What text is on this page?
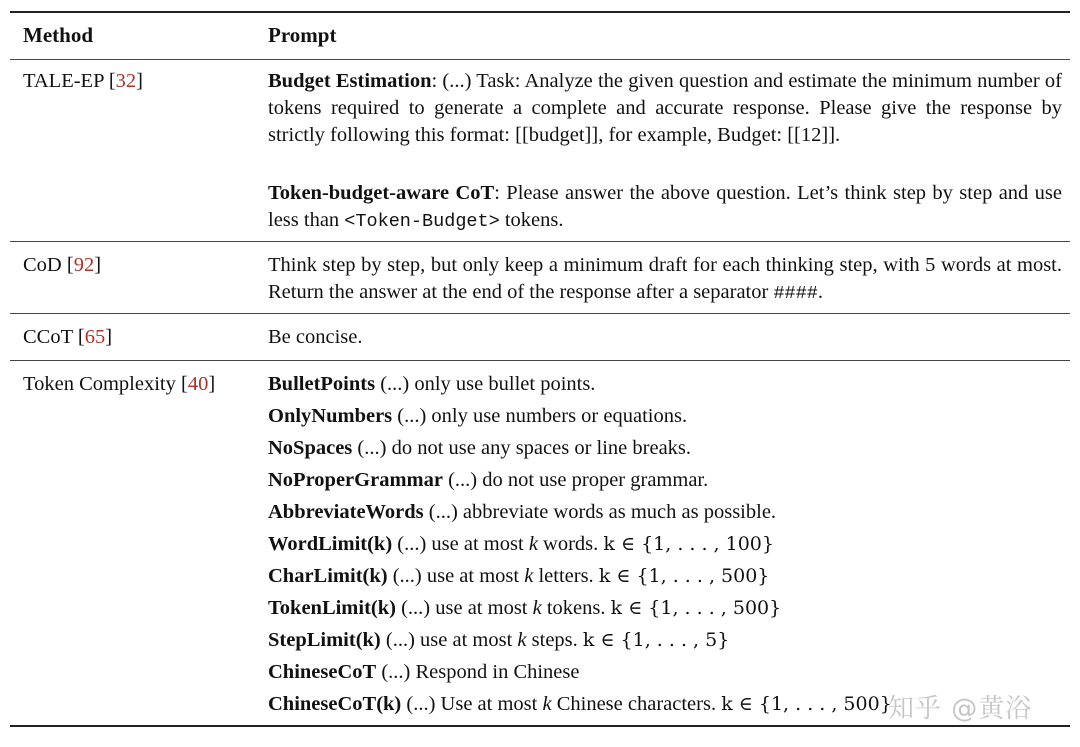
Method	Prompt
TALE-EP [32]	Budget Estimation: (...) Task: Analyze the given question and estimate the minimum number of tokens required to generate a complete and accurate response. Please give the response by strictly following this format: [[budget]], for example, Budget: [[12]].
Token-budget-aware CoT: Please answer the above question. Let’s think step by step and use less than <Token-Budget> tokens.
CoD [92]	Think step by step, but only keep a minimum draft for each thinking step, with 5 words at most. Return the answer at the end of the response after a separator ####.
CCoT [65]	Be concise.
Token Complexity [40]	BulletPoints (...) only use bullet points.
OnlyNumbers (...) only use numbers or equations.
NoSpaces (...) do not use any spaces or line breaks.
NoProperGrammar (...) do not use proper grammar.
AbbreviateWords (...) abbreviate words as much as possible.
WordLimit(k) (...) use at most k words. k ∈ {1, . . . , 100}
CharLimit(k) (...) use at most k letters. k ∈ {1, . . . , 500}
TokenLimit(k) (...) use at most k tokens. k ∈ {1, . . . , 500}
StepLimit(k) (...) use at most k steps. k ∈ {1, . . . , 5}
ChineseCoT (...) Respond in Chinese
ChineseCoT(k) (...) Use at most k Chinese characters. k ∈ {1, . . . , 500}
知乎 @黄浴
